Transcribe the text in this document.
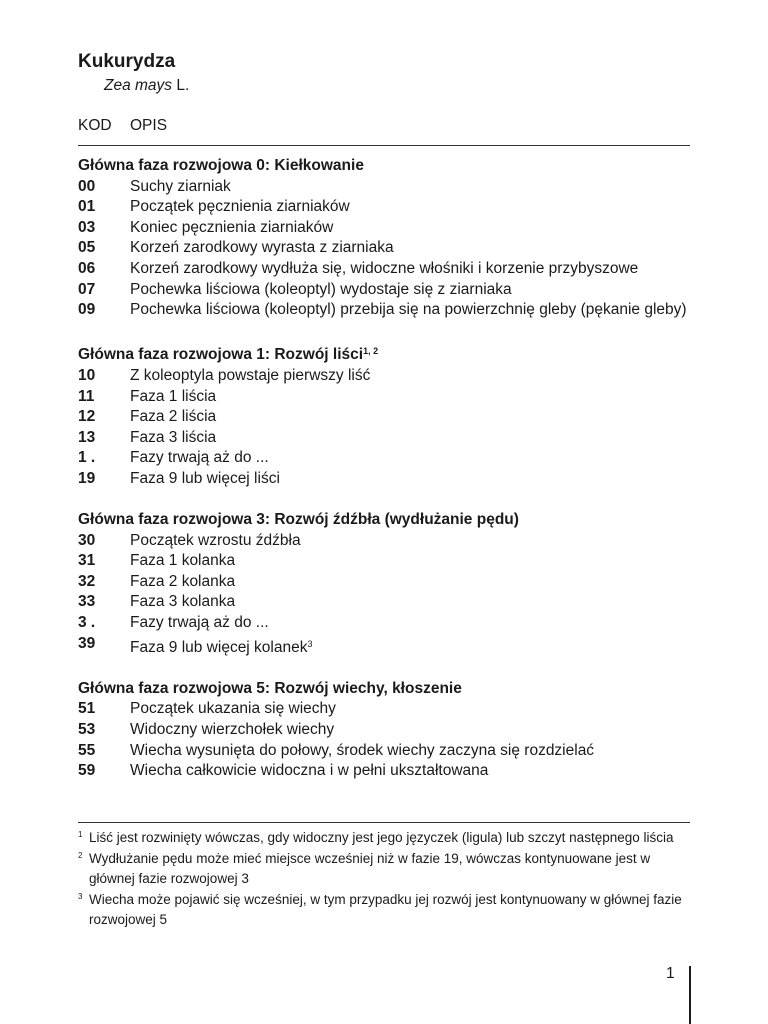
Kukurydza
Zea mays L.
KOD OPIS
Główna faza rozwojowa 0: Kiełkowanie
00 Suchy ziarniak
01 Początek pęcznienia ziarniaków
03 Koniec pęcznienia ziarniaków
05 Korzeń zarodkowy wyrasta z ziarniaka
06 Korzeń zarodkowy wydłuża się, widoczne włośniki i korzenie przybyszowe
07 Pochewka liściowa (koleoptyl) wydostaje się z ziarniaka
09 Pochewka liściowa (koleoptyl) przebija się na powierzchnię gleby (pękanie gleby)
Główna faza rozwojowa 1: Rozwój liści$^{1, 2}$
10 Z koleoptyla powstaje pierwszy liść
11 Faza 1 liścia
12 Faza 2 liścia
13 Faza 3 liścia
1 . Fazy trwają aż do ...
19 Faza 9 lub więcej liści
Główna faza rozwojowa 3: Rozwój źdźbła (wydłużanie pędu)
30 Początek wzrostu źdźbła
31 Faza 1 kolanka
32 Faza 2 kolanka
33 Faza 3 kolanka
3 . Fazy trwają aż do ...
39 Faza 9 lub więcej kolanek$^3$
Główna faza rozwojowa 5: Rozwój wiechy, kłoszenie
51 Początek ukazania się wiechy
53 Widoczny wierzchołek wiechy
55 Wiecha wysunięta do połowy, środek wiechy zaczyna się rozdzielać
59 Wiecha całkowicie widoczna i w pełni ukształtowana
1 Liść jest rozwinięty wówczas, gdy widoczny jest jego języczek (ligula) lub szczyt następnego liścia
2 Wydłużanie pędu może mieć miejsce wcześniej niż w fazie 19, wówczas kontynuowane jest w głównej fazie rozwojowej 3
3 Wiecha może pojawić się wcześniej, w tym przypadku jej rozwój jest kontynuowany w głównej fazie rozwojowej 5
1
